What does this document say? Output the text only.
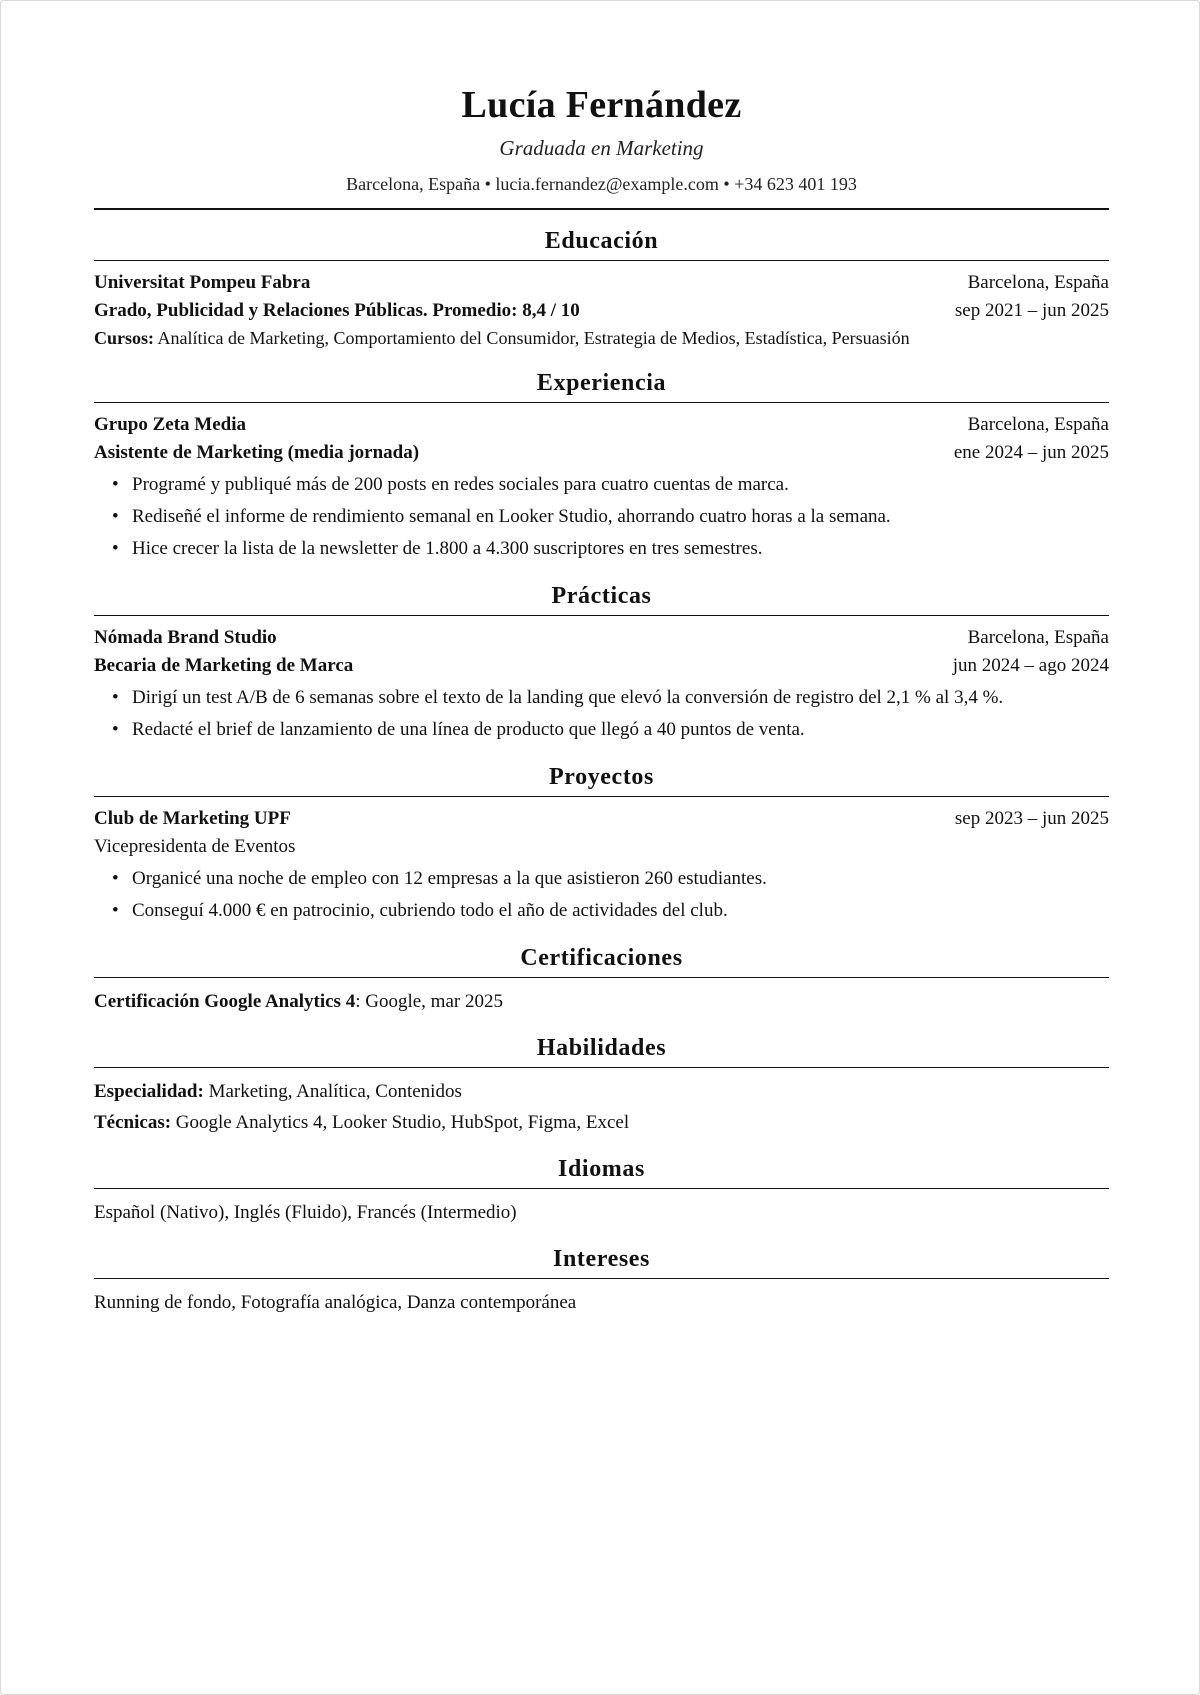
Lucía Fernández
Graduada en Marketing
Barcelona, España • lucia.fernandez@example.com • +34 623 401 193
Educación
Universitat Pompeu Fabra	Barcelona, España
Grado, Publicidad y Relaciones Públicas. Promedio: 8,4 / 10	sep 2021 – jun 2025
Cursos: Analítica de Marketing, Comportamiento del Consumidor, Estrategia de Medios, Estadística, Persuasión
Experiencia
Grupo Zeta Media	Barcelona, España
Asistente de Marketing (media jornada)	ene 2024 – jun 2025
• Programé y publiqué más de 200 posts en redes sociales para cuatro cuentas de marca.
• Rediseñé el informe de rendimiento semanal en Looker Studio, ahorrando cuatro horas a la semana.
• Hice crecer la lista de la newsletter de 1.800 a 4.300 suscriptores en tres semestres.
Prácticas
Nómada Brand Studio	Barcelona, España
Becaria de Marketing de Marca	jun 2024 – ago 2024
• Dirigí un test A/B de 6 semanas sobre el texto de la landing que elevó la conversión de registro del 2,1 % al 3,4 %.
• Redacté el brief de lanzamiento de una línea de producto que llegó a 40 puntos de venta.
Proyectos
Club de Marketing UPF	sep 2023 – jun 2025
Vicepresidenta de Eventos
• Organicé una noche de empleo con 12 empresas a la que asistieron 260 estudiantes.
• Conseguí 4.000 € en patrocinio, cubriendo todo el año de actividades del club.
Certificaciones
Certificación Google Analytics 4: Google, mar 2025
Habilidades
Especialidad: Marketing, Analítica, Contenidos
Técnicas: Google Analytics 4, Looker Studio, HubSpot, Figma, Excel
Idiomas
Español (Nativo), Inglés (Fluido), Francés (Intermedio)
Intereses
Running de fondo, Fotografía analógica, Danza contemporánea
